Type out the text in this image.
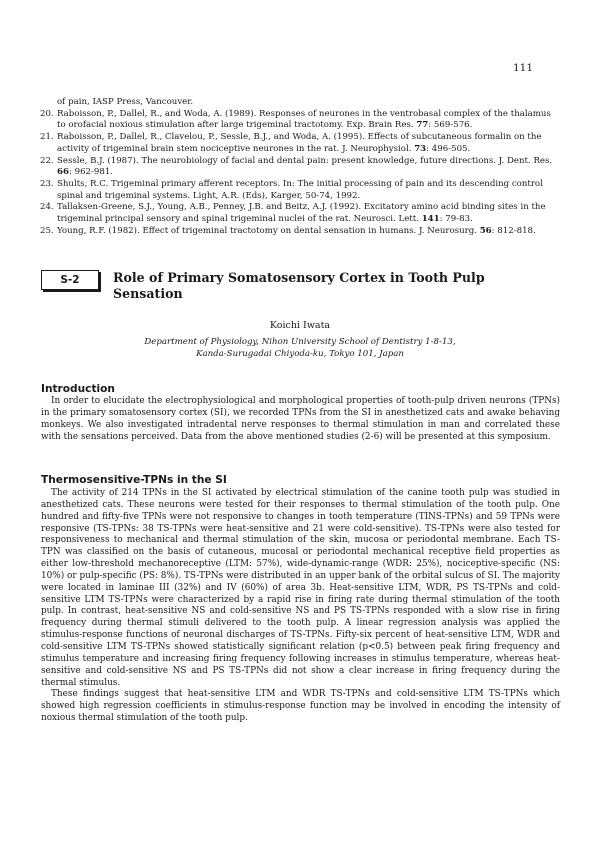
111
of pain, IASP Press, Vancouver.
20. Raboisson, P., Dallel, R., and Woda, A. (1989). Responses of neurones in the ventrobasal complex of the thalamus to orofacial noxious stimulation after large trigeminal tractotomy. Exp. Brain Res. 77: 569-576.
21. Raboisson, P., Dallel, R., Clavelou, P., Sessle, B.J., and Woda, A. (1995). Effects of subcutaneous formalin on the activity of trigeminal brain stem nociceptive neurones in the rat. J. Neurophysiol. 73: 496-505.
22. Sessle, B.J. (1987). The neurobiology of facial and dental pain: present knowledge, future directions. J. Dent. Res. 66: 962-981.
23. Shults, R.C. Trigeminal primary afferent receptors. In: The initial processing of pain and its descending control spinal and trigeminal systems. Light, A.R. (Eds), Karger, 50-74, 1992.
24. Tallaksen-Greene, S.J., Young, A.B., Penney, J.B. and Beitz, A.J. (1992). Excitatory amino acid binding sites in the trigeminal principal sensory and spinal trigeminal nuclei of the rat. Neurosci. Lett. 141: 79-83.
25. Young, R.F. (1982). Effect of trigeminal tractotomy on dental sensation in humans. J. Neurosurg. 56: 812-818.
S-2	Role of Primary Somatosensory Cortex in Tooth Pulp Sensation
Koichi Iwata
Department of Physiology, Nihon University School of Dentistry 1-8-13,
Kanda-Surugadai Chiyoda-ku, Tokyo 101, Japan
Introduction

In order to elucidate the electrophysiological and morphological properties of tooth-pulp driven neurons (TPNs) in the primary somatosensory cortex (SI), we recorded TPNs from the SI in anesthetized cats and awake behaving monkeys. We also investigated intradental nerve responses to thermal stimulation in man and correlated these with the sensations perceived. Data from the above mentioned studies (2-6) will be presented at this symposium.

Thermosensitive-TPNs in the SI

The activity of 214 TPNs in the SI activated by electrical stimulation of the canine tooth pulp was studied in anesthetized cats. These neurons were tested for their responses to thermal stimulation of the tooth pulp. One hundred and fifty-five TPNs were not responsive to changes in tooth temperature (TINS-TPNs) and 59 TPNs were responsive (TS-TPNs: 38 TS-TPNs were heat-sensitive and 21 were cold-sensitive). TS-TPNs were also tested for responsiveness to mechanical and thermal stimulation of the skin, mucosa or periodontal membrane. Each TS-TPN was classified on the basis of cutaneous, mucosal or periodontal mechanical receptive field properties as either low-threshold mechanoreceptive (LTM: 57%), wide-dynamic-range (WDR: 25%), nociceptive-specific (NS: 10%) or pulp-specific (PS: 8%). TS-TPNs were distributed in an upper bank of the orbital sulcus of SI. The majority were located in laminae III (32%) and IV (60%) of area 3b. Heat-sensitive LTM, WDR, PS TS-TPNs and cold-sensitive LTM TS-TPNs were characterized by a rapid rise in firing rate during thermal stimulation of the tooth pulp. In contrast, heat-sensitive NS and cold-sensitive NS and PS TS-TPNs responded with a slow rise in firing frequency during thermal stimuli delivered to the tooth pulp. A linear regression analysis was applied the stimulus-response functions of neuronal discharges of TS-TPNs. Fifty-six percent of heat-sensitive LTM, WDR and cold-sensitive LTM TS-TPNs showed statistically significant relation (p<0.5) between peak firing frequency and stimulus temperature and increasing firing frequency following increases in stimulus temperature, whereas heat-sensitive and cold-sensitive NS and PS TS-TPNs did not show a clear increase in firing frequency during the thermal stimulus.

These findings suggest that heat-sensitive LTM and WDR TS-TPNs and cold-sensitive LTM TS-TPNs which showed high regression coefficients in stimulus-response function may be involved in encoding the intensity of noxious thermal stimulation of the tooth pulp.
